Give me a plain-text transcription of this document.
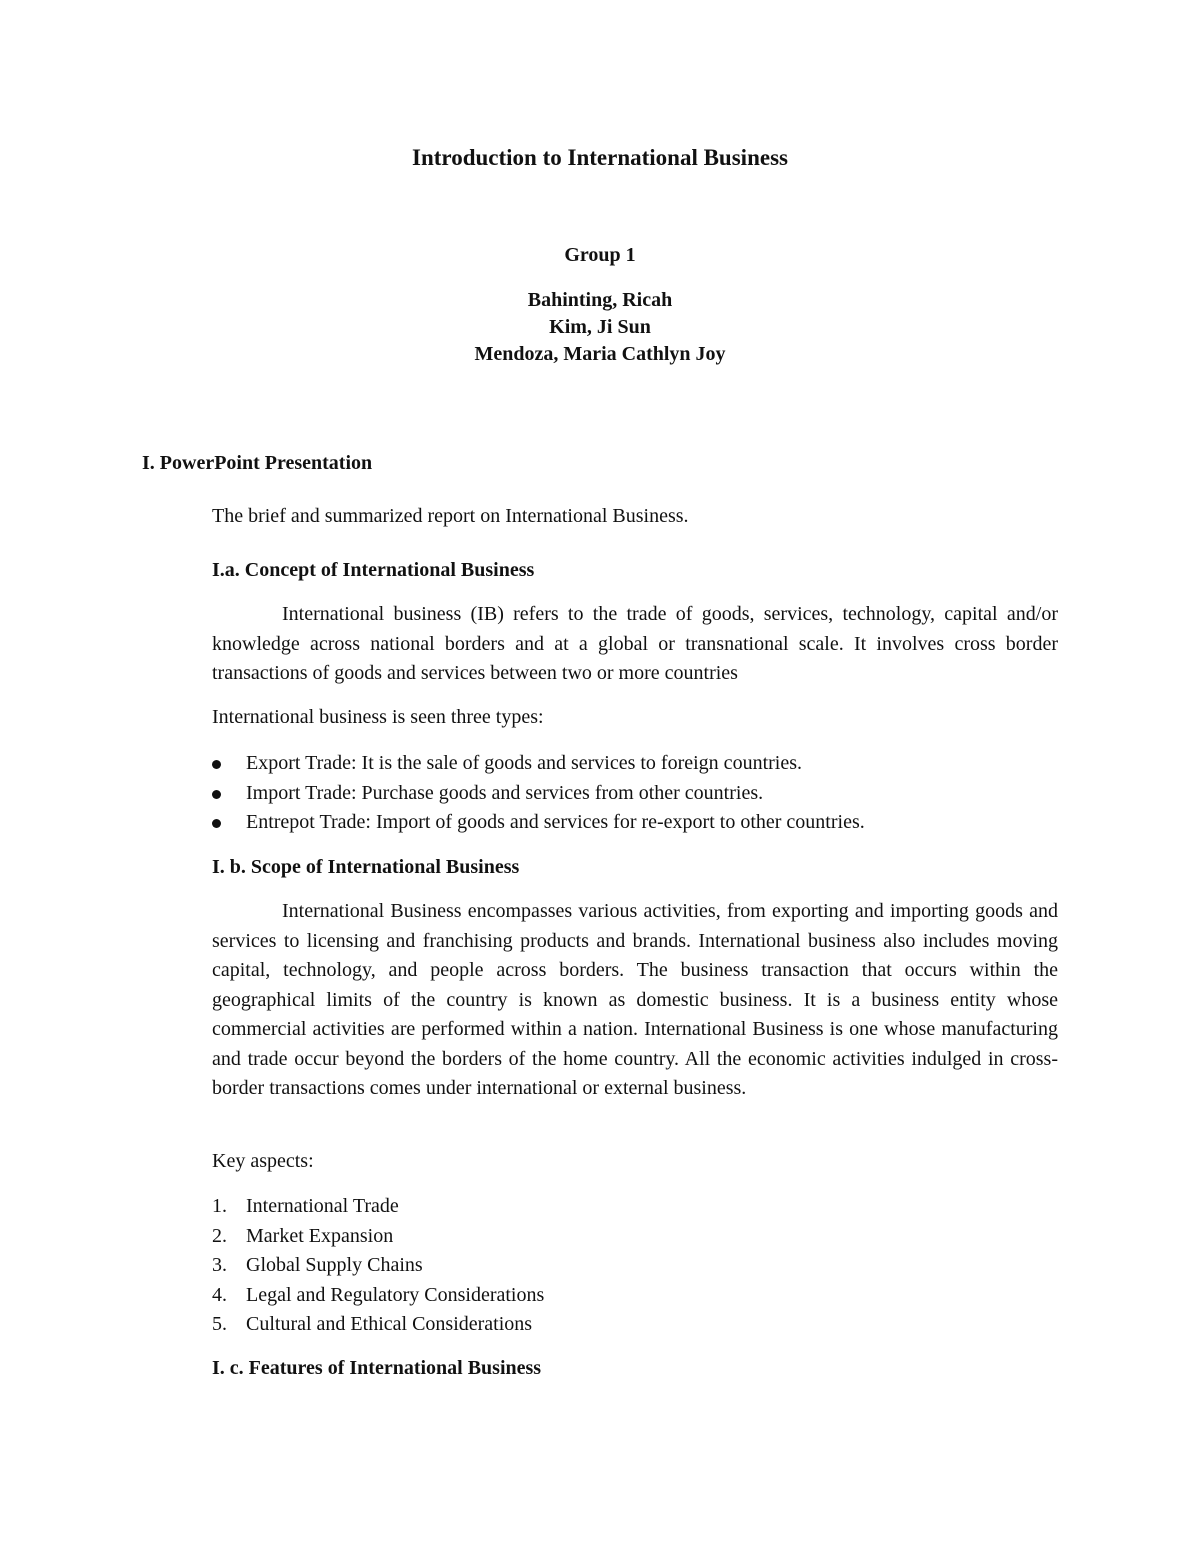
Introduction to International Business
Group 1
Bahinting, Ricah
Kim, Ji Sun
Mendoza, Maria Cathlyn Joy
I. PowerPoint Presentation
The brief and summarized report on International Business.
I.a. Concept of International Business
International business (IB) refers to the trade of goods, services, technology, capital and/or knowledge across national borders and at a global or transnational scale. It involves cross border transactions of goods and services between two or more countries
International business is seen three types:
Export Trade: It is the sale of goods and services to foreign countries.
Import Trade: Purchase goods and services from other countries.
Entrepot Trade: Import of goods and services for re-export to other countries.
I. b. Scope of International Business
International Business encompasses various activities, from exporting and importing goods and services to licensing and franchising products and brands. International business also includes moving capital, technology, and people across borders. The business transaction that occurs within the geographical limits of the country is known as domestic business. It is a business entity whose commercial activities are performed within a nation. International Business is one whose manufacturing and trade occur beyond the borders of the home country. All the economic activities indulged in cross-border transactions comes under international or external business.
Key aspects:
1. International Trade
2. Market Expansion
3. Global Supply Chains
4. Legal and Regulatory Considerations
5. Cultural and Ethical Considerations
I. c. Features of International Business
